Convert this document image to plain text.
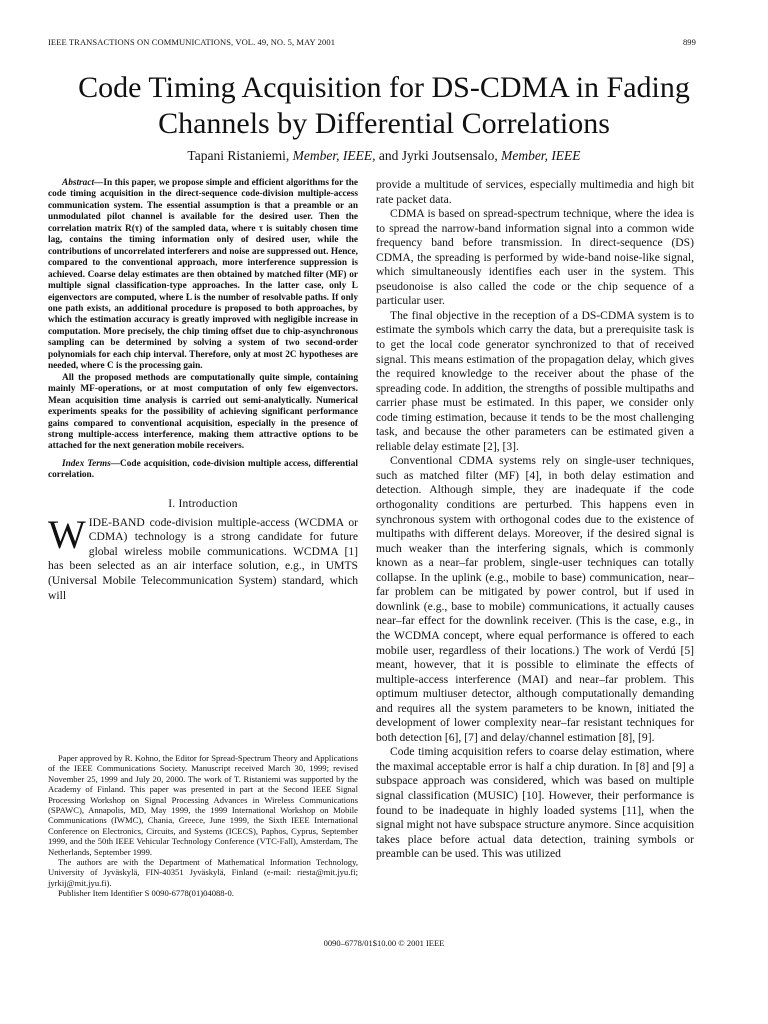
IEEE TRANSACTIONS ON COMMUNICATIONS, VOL. 49, NO. 5, MAY 2001	899
Code Timing Acquisition for DS-CDMA in Fading Channels by Differential Correlations
Tapani Ristaniemi, Member, IEEE, and Jyrki Joutsensalo, Member, IEEE

Abstract—In this paper, we propose simple and efficient algorithms for the code timing acquisition in the direct-sequence code-division multiple-access communication system. The essential assumption is that a preamble or an unmodulated pilot channel is available for the desired user. Then the correlation matrix R(τ) of the sampled data, where τ is suitably chosen time lag, contains the timing information only of desired user, while the contributions of uncorrelated interferers and noise are suppressed out. Hence, compared to the conventional approach, more interference suppression is achieved. Coarse delay estimates are then obtained by matched filter (MF) or multiple signal classification-type approaches. In the latter case, only L eigenvectors are computed, where L is the number of resolvable paths. If only one path exists, an additional procedure is proposed to both approaches, by which the estimation accuracy is greatly improved with negligible increase in computation. More precisely, the chip timing offset due to chip-asynchronous sampling can be determined by solving a system of two second-order polynomials for each chip interval. Therefore, only at most 2C hypotheses are needed, where C is the processing gain.

All the proposed methods are computationally quite simple, containing mainly MF-operations, or at most computation of only few eigenvectors. Mean acquisition time analysis is carried out semi-analytically. Numerical experiments speaks for the possibility of achieving significant performance gains compared to conventional acquisition, especially in the presence of strong multiple-access interference, making them attractive options to be attached for the next generation mobile receivers.

Index Terms—Code acquisition, code-division multiple access, differential correlation.

I. Introduction

WIDE-BAND code-division multiple-access (WCDMA or CDMA) technology is a strong candidate for future global wireless mobile communications. WCDMA [1] has been selected as an air interface solution, e.g., in UMTS (Universal Mobile Telecommunication System) standard, which will

Paper approved by R. Kohno, the Editor for Spread-Spectrum Theory and Applications of the IEEE Communications Society. Manuscript received March 30, 1999; revised November 25, 1999 and July 20, 2000. The work of T. Ristaniemi was supported by the Academy of Finland. This paper was presented in part at the Second IEEE Signal Processing Workshop on Signal Processing Advances in Wireless Communications (SPAWC), Annapolis, MD, May 1999, the 1999 International Workshop on Mobile Communications (IWMC), Chania, Greece, June 1999, the Sixth IEEE International Conference on Electronics, Circuits, and Systems (ICECS), Paphos, Cyprus, September 1999, and the 50th IEEE Vehicular Technology Conference (VTC-Fall), Amsterdam, The Netherlands, September 1999.

The authors are with the Department of Mathematical Information Technology, University of Jyväskylä, FIN-40351 Jyväskylä, Finland (e-mail: riesta@mit.jyu.fi; jyrkij@mit.jyu.fi).

Publisher Item Identifier S 0090-6778(01)04088-0.

provide a multitude of services, especially multimedia and high bit rate packet data.

CDMA is based on spread-spectrum technique, where the idea is to spread the narrow-band information signal into a common wide frequency band before transmission. In direct-sequence (DS) CDMA, the spreading is performed by wide-band noise-like signal, which simultaneously identifies each user in the system. This pseudonoise is also called the code or the chip sequence of a particular user.

The final objective in the reception of a DS-CDMA system is to estimate the symbols which carry the data, but a prerequisite task is to get the local code generator synchronized to that of received signal. This means estimation of the propagation delay, which gives the required knowledge to the receiver about the phase of the spreading code. In addition, the strengths of possible multipaths and carrier phase must be estimated. In this paper, we consider only code timing estimation, because it tends to be the most challenging task, and because the other parameters can be estimated given a reliable delay estimate [2], [3].

Conventional CDMA systems rely on single-user techniques, such as matched filter (MF) [4], in both delay estimation and detection. Although simple, they are inadequate if the code orthogonality conditions are perturbed. This happens even in synchronous system with orthogonal codes due to the existence of multipaths with different delays. Moreover, if the desired signal is much weaker than the interfering signals, which is commonly known as a near–far problem, single-user techniques can totally collapse. In the uplink (e.g., mobile to base) communication, near–far problem can be mitigated by power control, but if used in downlink (e.g., base to mobile) communications, it actually causes near–far effect for the downlink receiver. (This is the case, e.g., in the WCDMA concept, where equal performance is offered to each mobile user, regardless of their locations.) The work of Verdú [5] meant, however, that it is possible to eliminate the effects of multiple-access interference (MAI) and near–far problem. This optimum multiuser detector, although computationally demanding and requires all the system parameters to be known, initiated the development of lower complexity near–far resistant techniques for both detection [6], [7] and delay/channel estimation [8], [9].

Code timing acquisition refers to coarse delay estimation, where the maximal acceptable error is half a chip duration. In [8] and [9] a subspace approach was considered, which was based on multiple signal classification (MUSIC) [10]. However, their performance is found to be inadequate in highly loaded systems [11], when the signal might not have subspace structure anymore. Since acquisition takes place before actual data detection, training symbols or preamble can be used. This was utilized

0090–6778/01$10.00 © 2001 IEEE
